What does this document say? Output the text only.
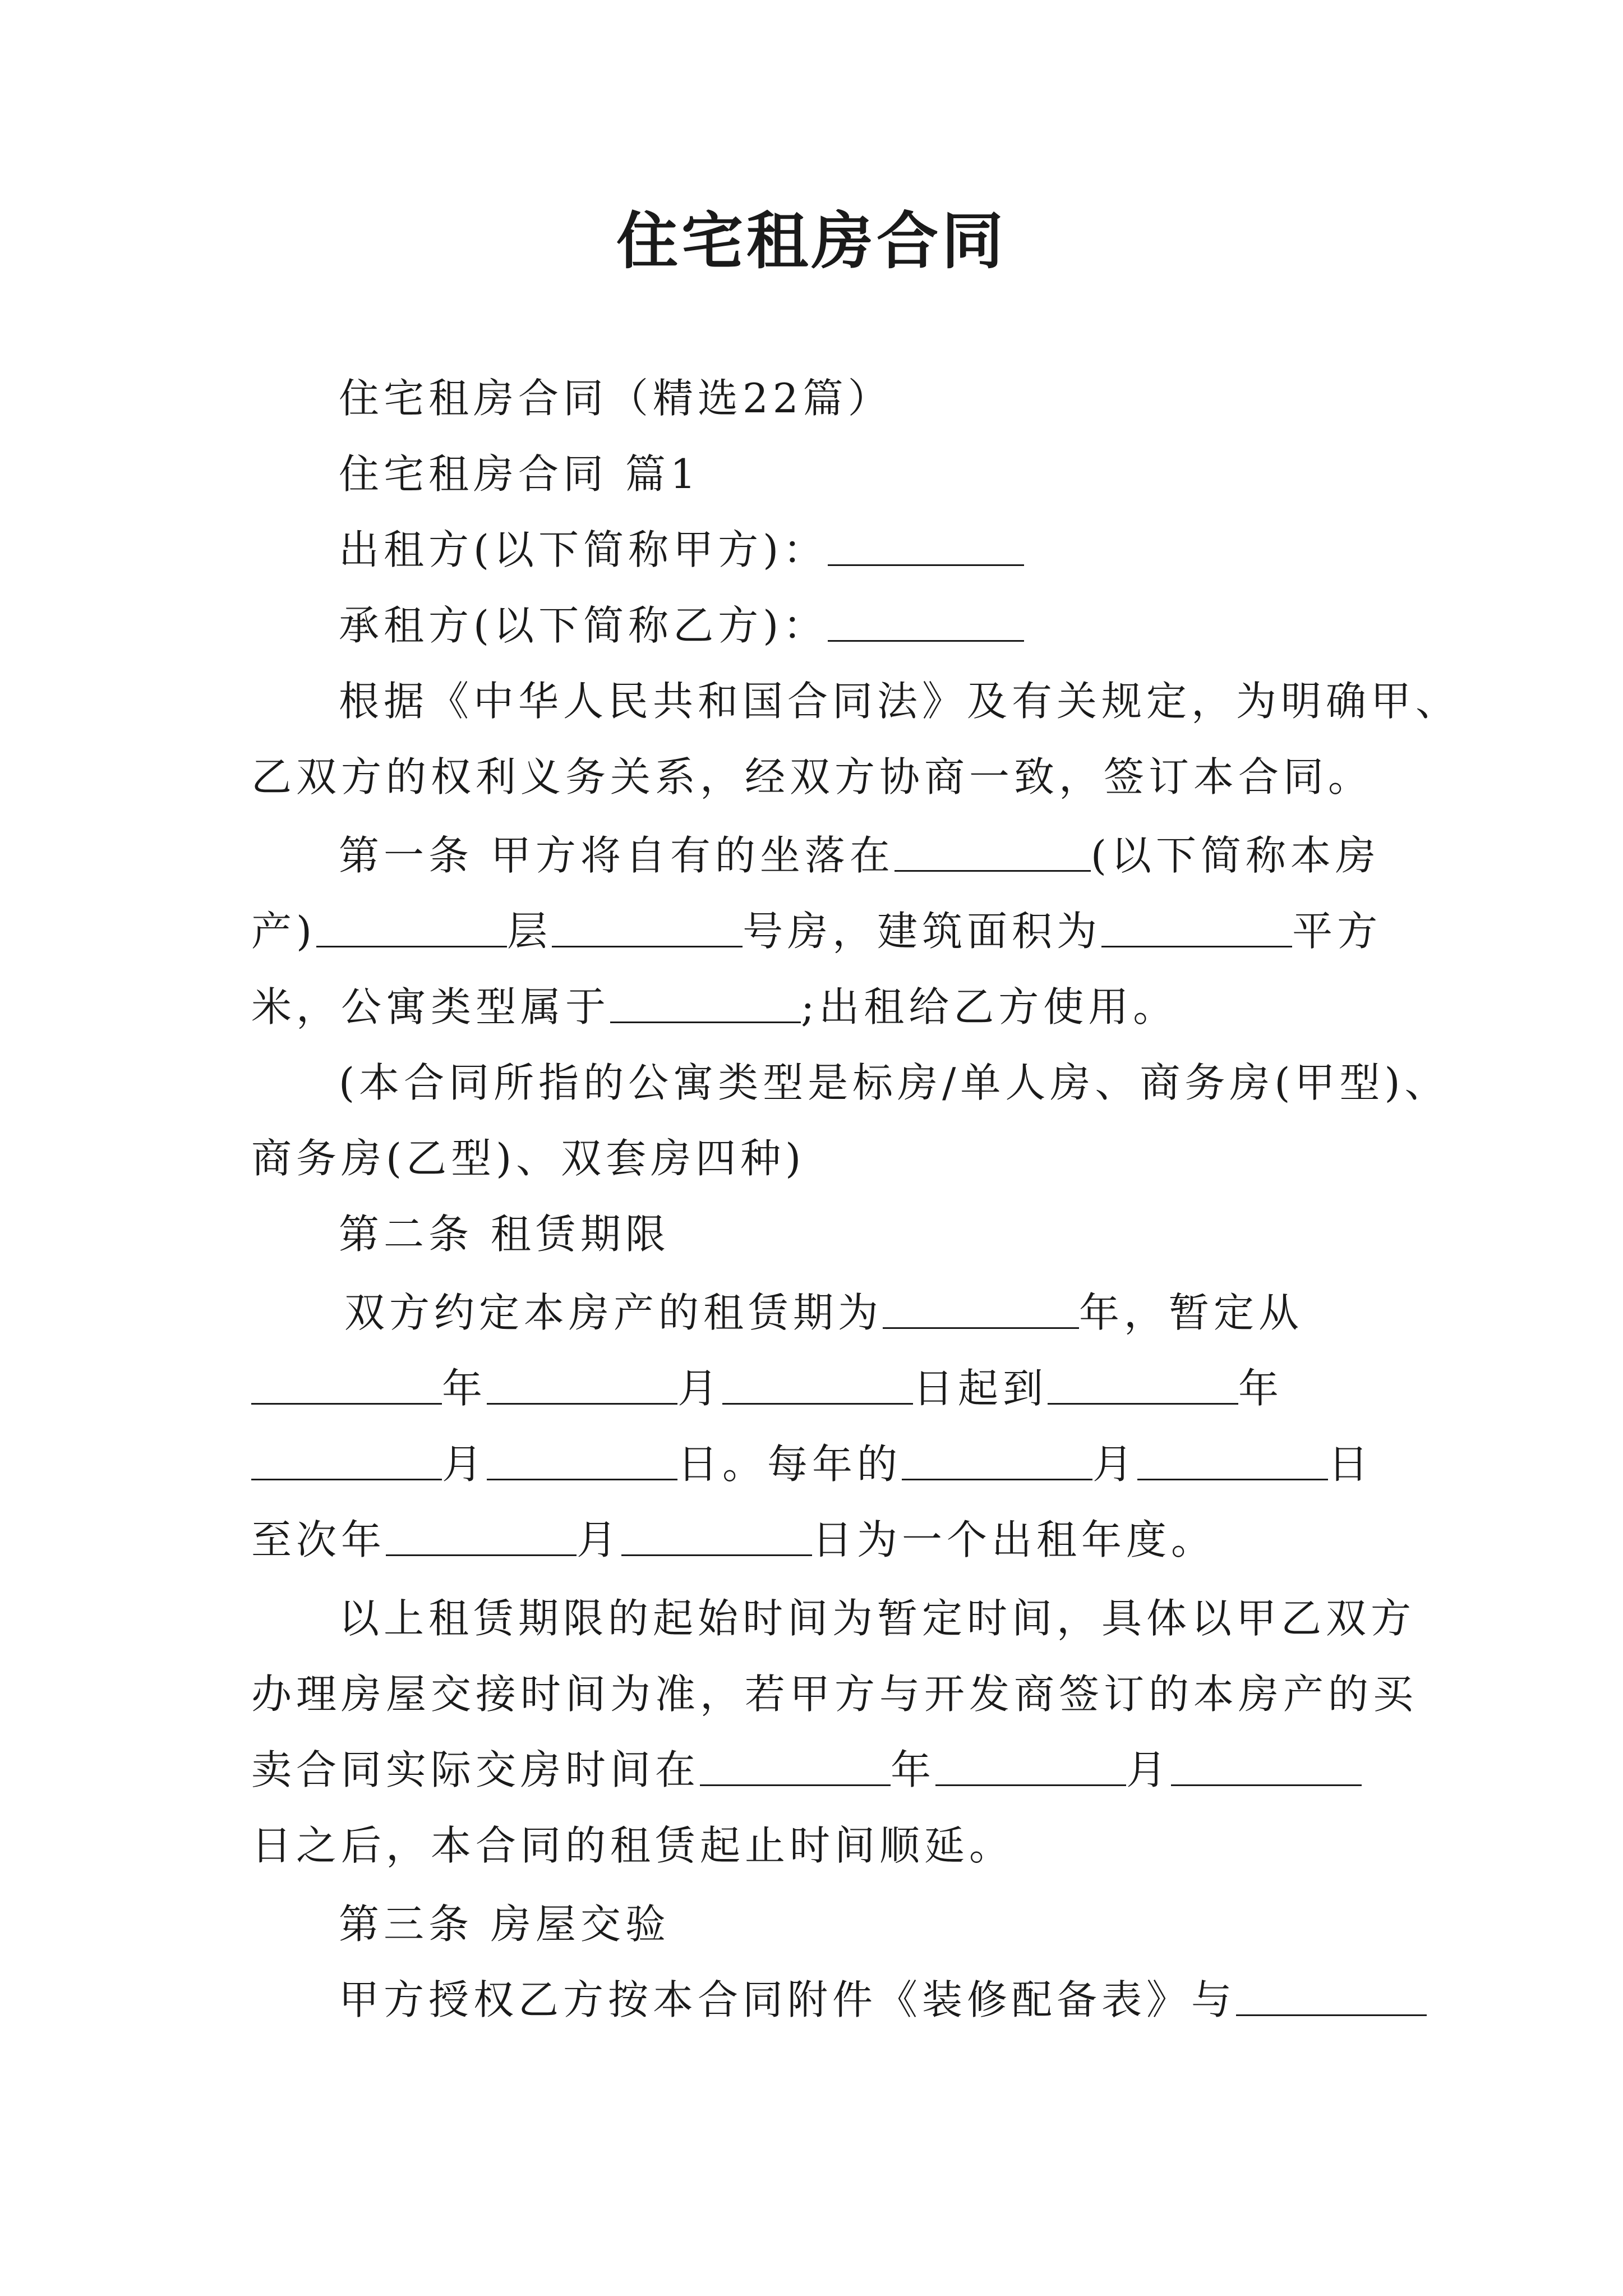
住宅租房合同
住宅租房合同（精选22篇）
住宅租房合同 篇1
出租方(以下简称甲方)：
承租方(以下简称乙方)：
根据《中华人民共和国合同法》及有关规定，为明确甲、
乙双方的权利义务关系，经双方协商一致，签订本合同。
第一条 甲方将自有的坐落在	(以下简称本房
产)	层	号房，建筑面积为	平方
米，公寓类型属于	;出租给乙方使用。
(本合同所指的公寓类型是标房/单人房、商务房(甲型)、
商务房(乙型)、双套房四种)
第二条 租赁期限
双方约定本房产的租赁期为	年，暂定从
年	月	日起到	年
月	日。每年的	月	日
至次年	月	日为一个出租年度。
以上租赁期限的起始时间为暂定时间，具体以甲乙双方
办理房屋交接时间为准，若甲方与开发商签订的本房产的买
卖合同实际交房时间在	年	月
日之后，本合同的租赁起止时间顺延。
第三条 房屋交验
甲方授权乙方按本合同附件《装修配备表》与
